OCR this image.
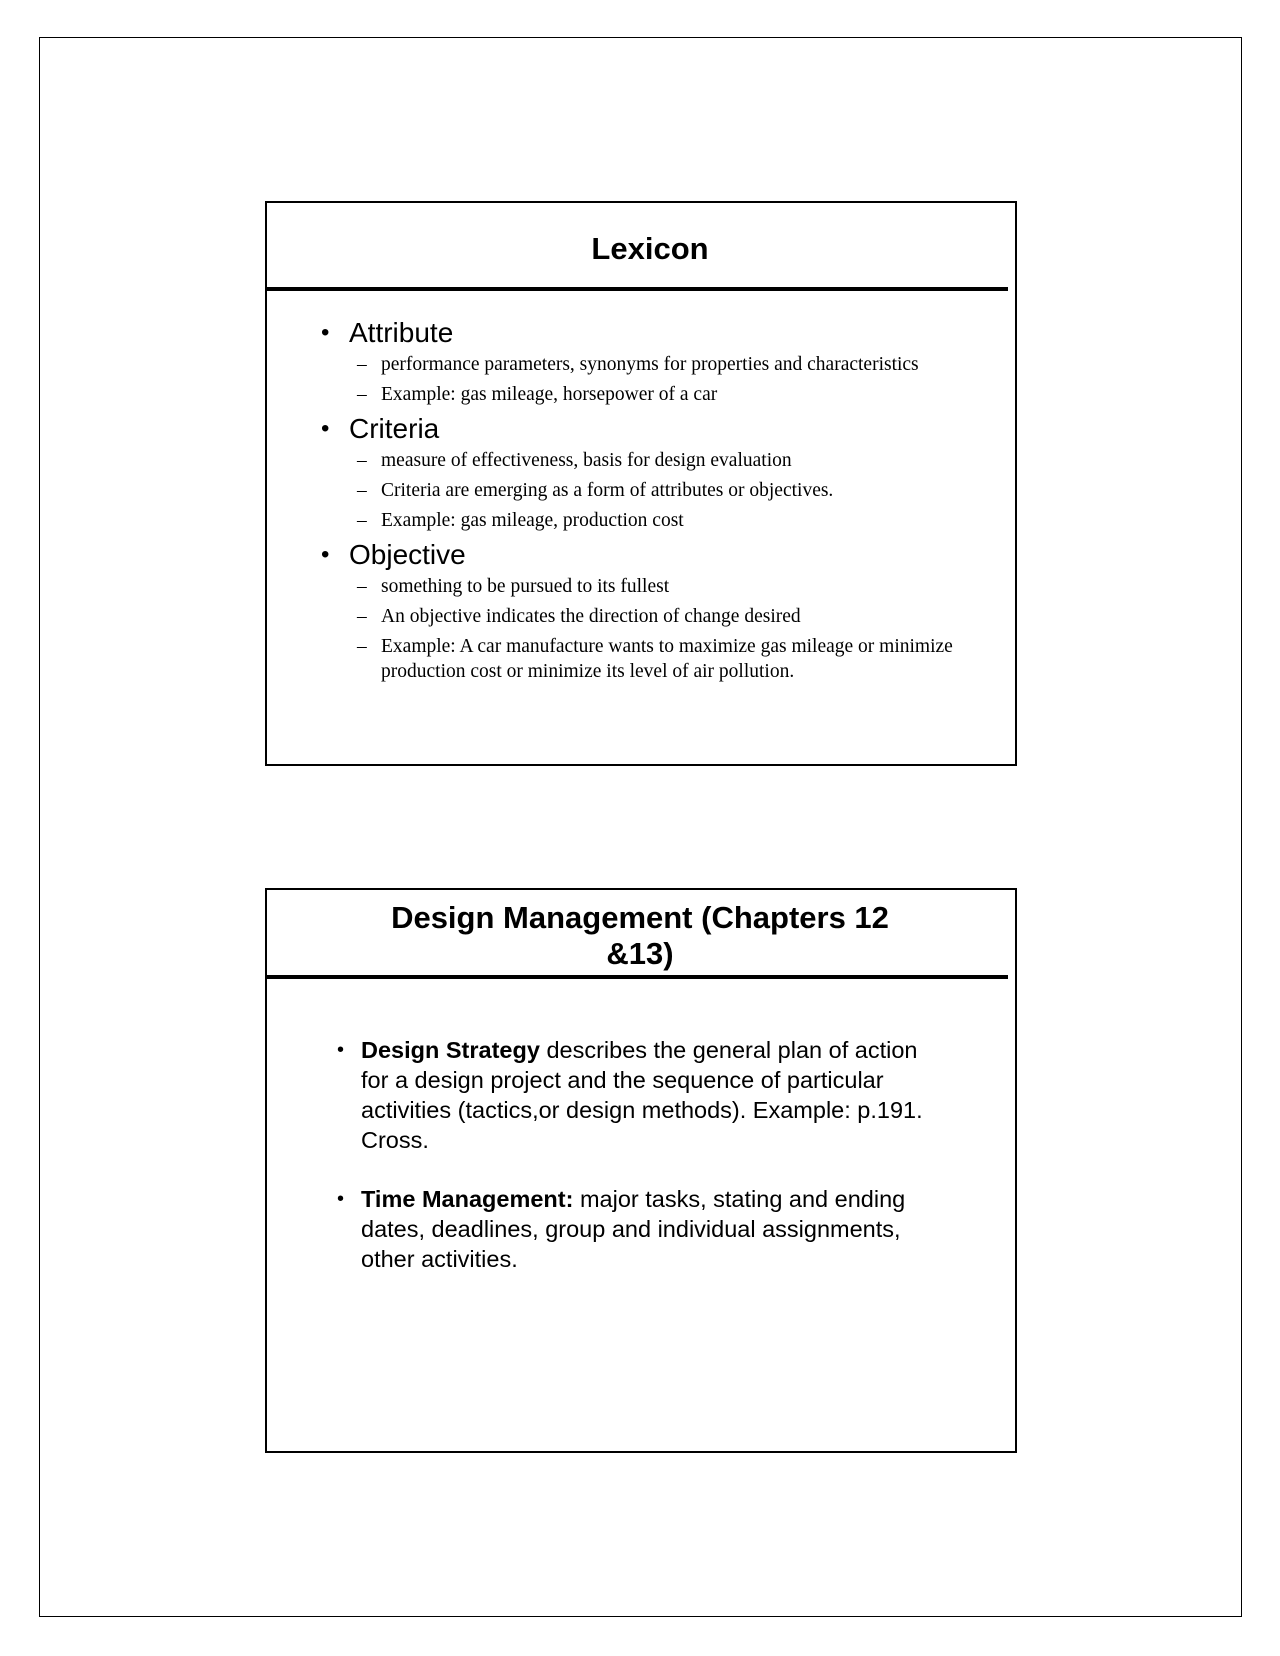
Lexicon
• Attribute
– performance parameters, synonyms for properties and characteristics
– Example: gas mileage, horsepower of a car
• Criteria
– measure of effectiveness, basis for design evaluation
– Criteria are emerging as a form of attributes or objectives.
– Example: gas mileage, production cost
• Objective
– something to be pursued to its fullest
– An objective indicates the direction of change desired
– Example: A car manufacture wants to maximize gas mileage or minimize production cost or minimize its level of air pollution.
Design Management (Chapters 12
&13)
• Design Strategy describes the general plan of action for a design project and the sequence of particular activities (tactics,or design methods). Example: p.191. Cross.
• Time Management: major tasks, stating and ending dates, deadlines, group and individual assignments, other activities.
